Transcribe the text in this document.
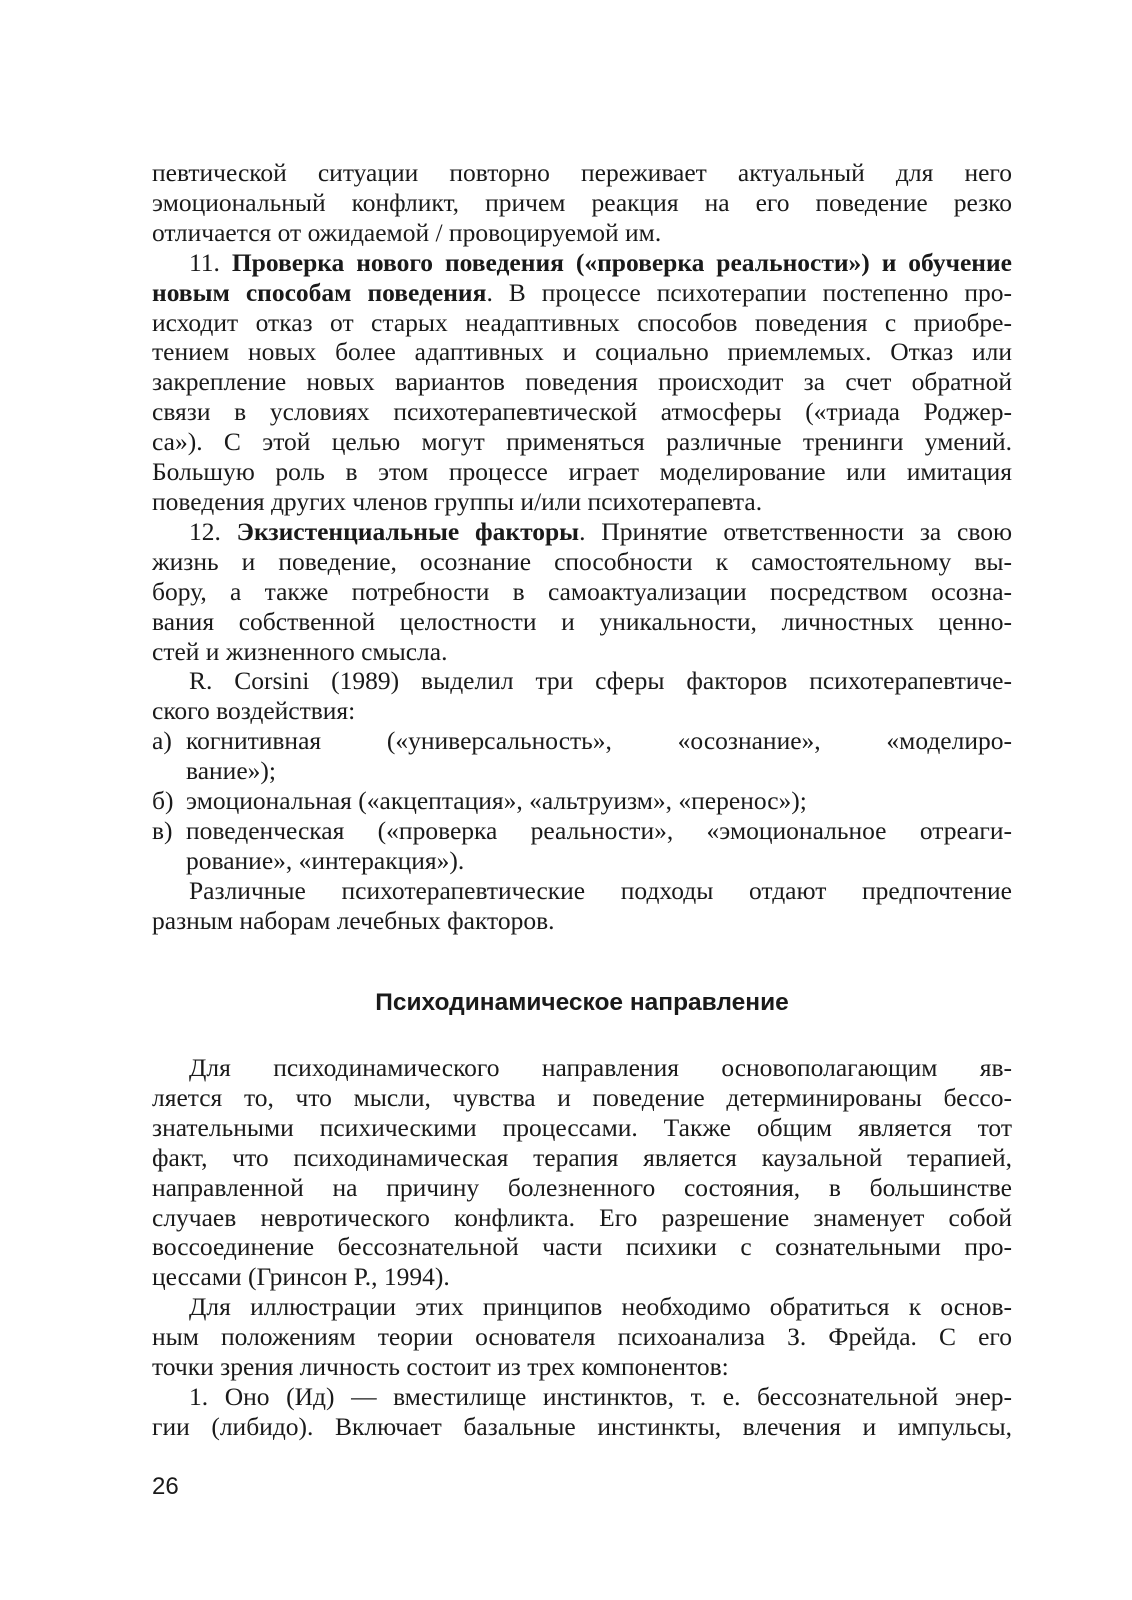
певтической ситуации повторно переживает актуальный для него
эмоциональный конфликт, причем реакция на его поведение резко
отличается от ожидаемой / провоцируемой им.

11. Проверка нового поведения («проверка реальности») и обучение
новым способам поведения. В процессе психотерапии постепенно про-
исходит отказ от старых неадаптивных способов поведения с приобре-
тением новых более адаптивных и социально приемлемых. Отказ или
закрепление новых вариантов поведения происходит за счет обратной
связи в условиях психотерапевтической атмосферы («триада Роджер-
са»). С этой целью могут применяться различные тренинги умений.
Большую роль в этом процессе играет моделирование или имитация
поведения других членов группы и/или психотерапевта.

12. Экзистенциальные факторы. Принятие ответственности за свою
жизнь и поведение, осознание способности к самостоятельному вы-
бору, а также потребности в самоактуализации посредством осозна-
вания собственной целостности и уникальности, личностных ценно-
стей и жизненного смысла.

R. Corsini (1989) выделил три сферы факторов психотерапевтиче-
ского воздействия:

а) когнитивная («универсальность», «осознание», «моделиро-
вание»);
б) эмоциональная («акцептация», «альтруизм», «перенос»);
в) поведенческая («проверка реальности», «эмоциональное отреаги-
рование», «интеракция»).

Различные психотерапевтические подходы отдают предпочтение
разным наборам лечебных факторов.

Психодинамическое направление

Для психодинамического направления основополагающим яв-
ляется то, что мысли, чувства и поведение детерминированы бессо-
знательными психическими процессами. Также общим является тот
факт, что психодинамическая терапия является каузальной терапией,
направленной на причину болезненного состояния, в большинстве
случаев невротического конфликта. Его разрешение знаменует собой
воссоединение бессознательной части психики с сознательными про-
цессами (Гринсон Р., 1994).

Для иллюстрации этих принципов необходимо обратиться к основ-
ным положениям теории основателя психоанализа З. Фрейда. С его
точки зрения личность состоит из трех компонентов:

1. Оно (Ид) — вместилище инстинктов, т. е. бессознательной энер-
гии (либидо). Включает базальные инстинкты, влечения и импульсы,

26
